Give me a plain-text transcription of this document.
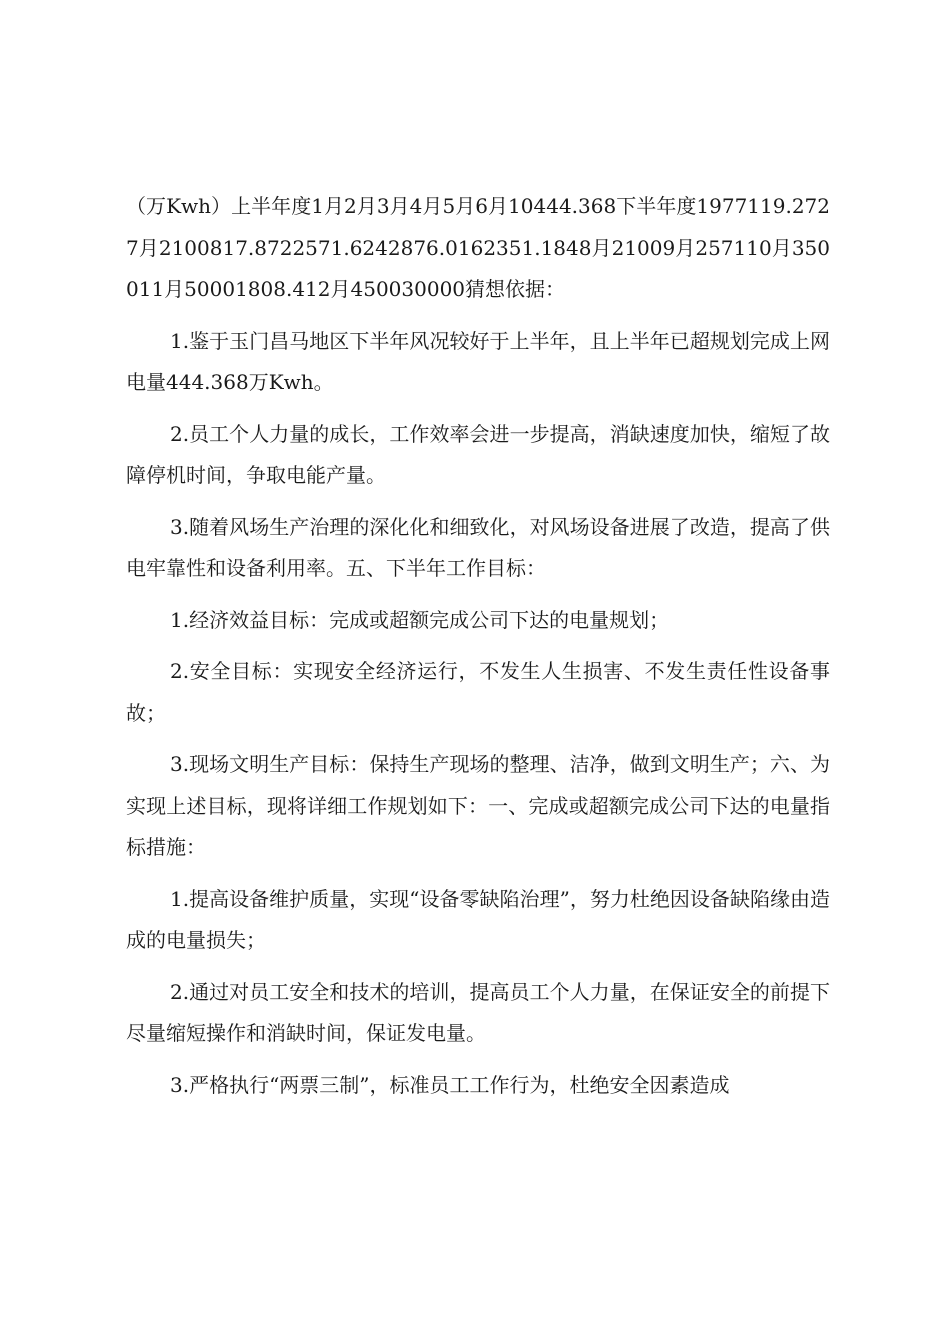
（万Kwh）上半年度1月2月3月4月5月6月10444.368下半年度1977119.2727月2100817.8722571.6242876.0162351.1848月21009月257110月350011月50001808.412月450030000猜想依据：

1.鉴于玉门昌马地区下半年风况较好于上半年，且上半年已超规划完成上网电量444.368万Kwh。

2.员工个人力量的成长，工作效率会进一步提高，消缺速度加快，缩短了故障停机时间，争取电能产量。

3.随着风场生产治理的深化化和细致化，对风场设备进展了改造，提高了供电牢靠性和设备利用率。五、下半年工作目标：

1.经济效益目标：完成或超额完成公司下达的电量规划；

2.安全目标：实现安全经济运行，不发生人生损害、不发生责任性设备事故；

3.现场文明生产目标：保持生产现场的整理、洁净，做到文明生产；六、为实现上述目标，现将详细工作规划如下：一、完成或超额完成公司下达的电量指标措施：

1.提高设备维护质量，实现“设备零缺陷治理”，努力杜绝因设备缺陷缘由造成的电量损失；

2.通过对员工安全和技术的培训，提高员工个人力量，在保证安全的前提下尽量缩短操作和消缺时间，保证发电量。

3.严格执行“两票三制”，标准员工工作行为，杜绝安全因素造成
